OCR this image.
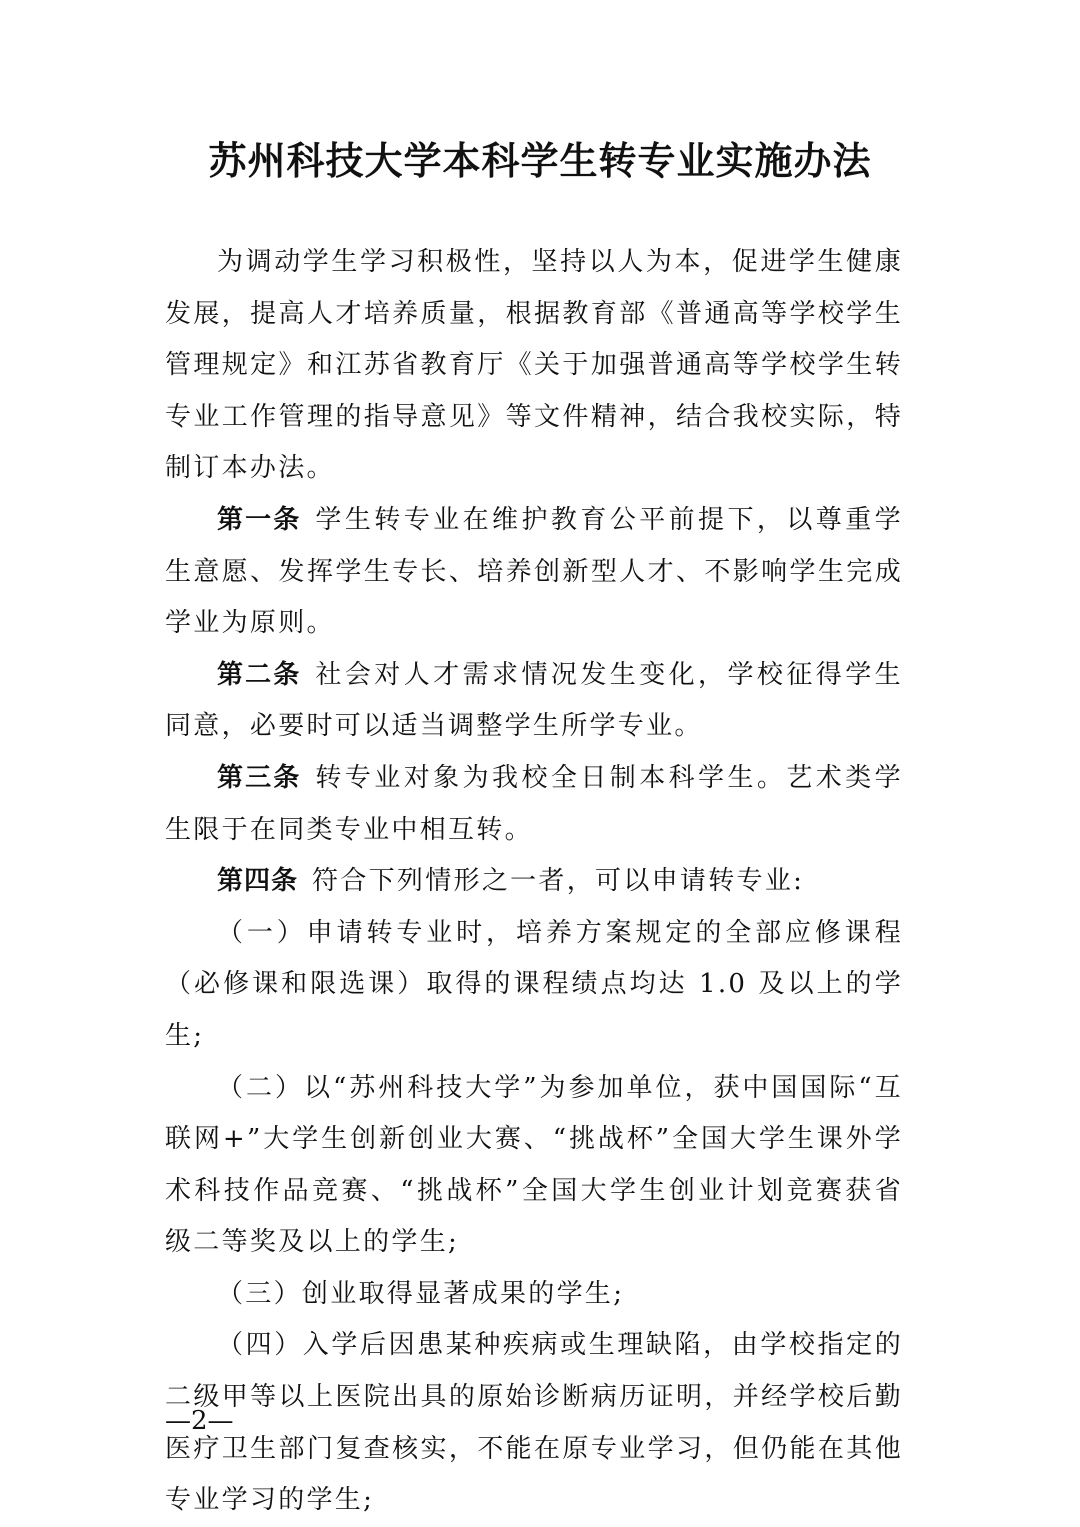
苏州科技大学本科学生转专业实施办法

为调动学生学习积极性，坚持以人为本，促进学生健康发展，提高人才培养质量，根据教育部《普通高等学校学生管理规定》和江苏省教育厅《关于加强普通高等学校学生转专业工作管理的指导意见》等文件精神，结合我校实际，特制订本办法。

第一条 学生转专业在维护教育公平前提下，以尊重学生意愿、发挥学生专长、培养创新型人才、不影响学生完成学业为原则。

第二条 社会对人才需求情况发生变化，学校征得学生同意，必要时可以适当调整学生所学专业。

第三条 转专业对象为我校全日制本科学生。艺术类学生限于在同类专业中相互转。

第四条 符合下列情形之一者，可以申请转专业:

（一）申请转专业时，培养方案规定的全部应修课程（必修课和限选课）取得的课程绩点均达 1.0 及以上的学生;

（二）以“苏州科技大学”为参加单位，获中国国际“互联网+”大学生创新创业大赛、“挑战杯”全国大学生课外学术科技作品竞赛、“挑战杯”全国大学生创业计划竞赛获省级二等奖及以上的学生;

（三）创业取得显著成果的学生;

（四）入学后因患某种疾病或生理缺陷，由学校指定的二级甲等以上医院出具的原始诊断病历证明，并经学校后勤医疗卫生部门复查核实，不能在原专业学习，但仍能在其他专业学习的学生;

—2—
